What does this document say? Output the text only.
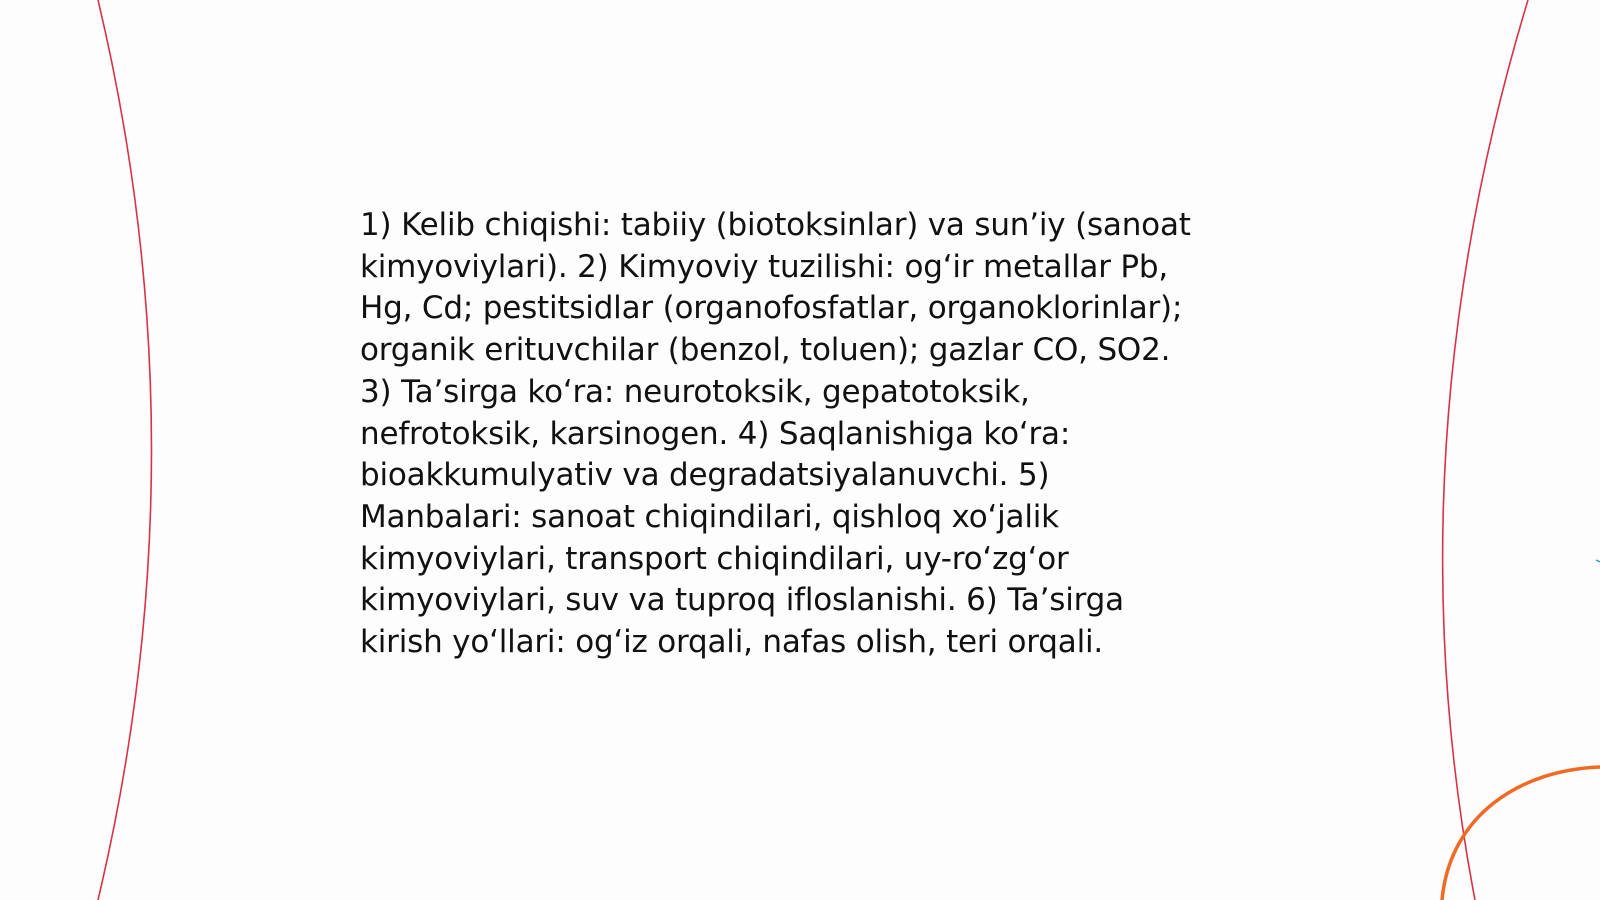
1) Kelib chiqishi: tabiiy (biotoksinlar) va sun’iy (sanoat
kimyoviylari). 2) Kimyoviy tuzilishi: og‘ir metallar Pb,
Hg, Cd; pestitsidlar (organofosfatlar, organoklorinlar);
organik erituvchilar (benzol, toluen); gazlar CO, SO2.
3) Ta’sirga ko‘ra: neurotoksik, gepatotoksik,
nefrotoksik, karsinogen. 4) Saqlanishiga ko‘ra:
bioakkumulyativ va degradatsiyalanuvchi. 5)
Manbalari: sanoat chiqindilari, qishloq xo‘jalik
kimyoviylari, transport chiqindilari, uy-ro‘zg‘or
kimyoviylari, suv va tuproq ifloslanishi. 6) Ta’sirga
kirish yo‘llari: og‘iz orqali, nafas olish, teri orqali.
